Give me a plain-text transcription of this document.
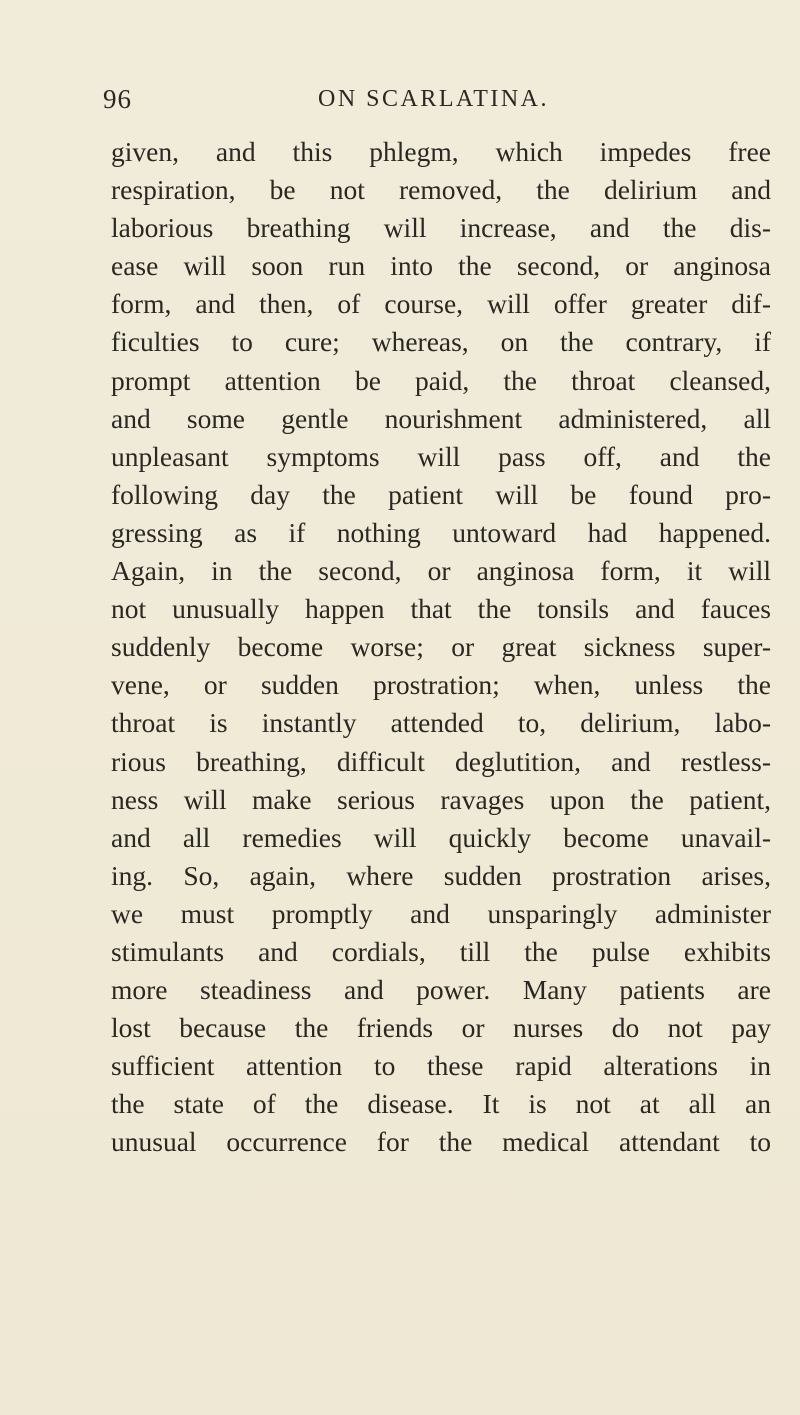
96	ON SCARLATINA.
given, and this phlegm, which impedes free
respiration, be not removed, the delirium and
laborious breathing will increase, and the dis-
ease will soon run into the second, or anginosa
form, and then, of course, will offer greater dif-
ficulties to cure; whereas, on the contrary, if
prompt attention be paid, the throat cleansed,
and some gentle nourishment administered, all
unpleasant symptoms will pass off, and the
following day the patient will be found pro-
gressing as if nothing untoward had happened.
Again, in the second, or anginosa form, it will
not unusually happen that the tonsils and fauces
suddenly become worse; or great sickness super-
vene, or sudden prostration; when, unless the
throat is instantly attended to, delirium, labo-
rious breathing, difficult deglutition, and restless-
ness will make serious ravages upon the patient,
and all remedies will quickly become unavail-
ing. So, again, where sudden prostration arises,
we must promptly and unsparingly administer
stimulants and cordials, till the pulse exhibits
more steadiness and power. Many patients are
lost because the friends or nurses do not pay
sufficient attention to these rapid alterations in
the state of the disease. It is not at all an
unusual occurrence for the medical attendant to
